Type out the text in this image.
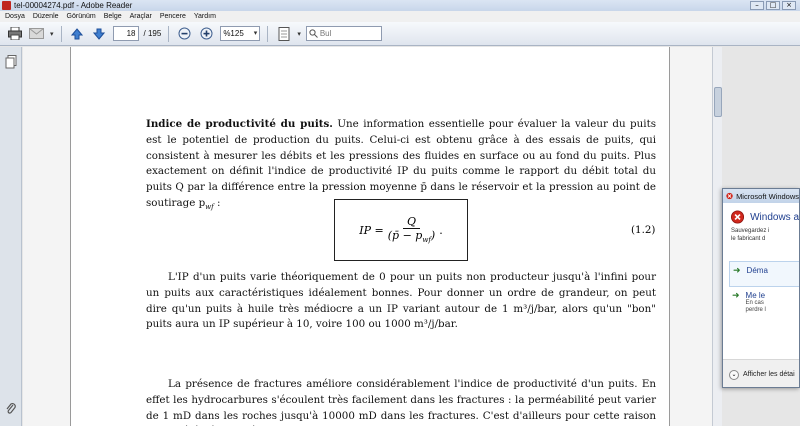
tel-00004274.pdf - Adobe Reader	–	□	×
Dosya Düzenle Görünüm Belge Araçlar Pencere Yardım
▾	18	/ 195	%125 ▾	▾ Bul
Indice de productivité du puits. Une information essentielle pour évaluer la valeur du puits est le potentiel de production du puits. Celui-ci est obtenu grâce à des essais de puits, qui consistent à mesurer les débits et les pressions des fluides en surface ou au fond du puits. Plus exactement on définit l'indice de productivité IP du puits comme le rapport du débit total du puits Q par la différence entre la pression moyenne p̄ dans le réservoir et la pression au point de soutirage $p_{wf}$ :
IP = $\frac{Q}{(p̄ - p_{wf})}$ .	(1.2)
L'IP d'un puits varie théoriquement de 0 pour un puits non producteur jusqu'à l'infini pour un puits aux caractéristiques idéalement bonnes. Pour donner un ordre de grandeur, on peut dire qu'un puits à huile très médiocre a un IP variant autour de 1 m³/j/bar, alors qu'un "bon" puits aura un IP supérieur à 10, voire 100 ou 1000 m³/j/bar.
La présence de fractures améliore considérablement l'indice de productivité d'un puits. En effet les hydrocarbures s'écoulent très facilement dans les fractures : la perméabilité peut varier de 1 mD dans les roches jusqu'à 10000 mD dans les fractures. C'est d'ailleurs pour cette raison
Microsoft Windows
Windows a
Sauvegardez i
le fabricant d
➜ Déma
➜ Me le
En cas
perdre l
⌄ Afficher les détai
